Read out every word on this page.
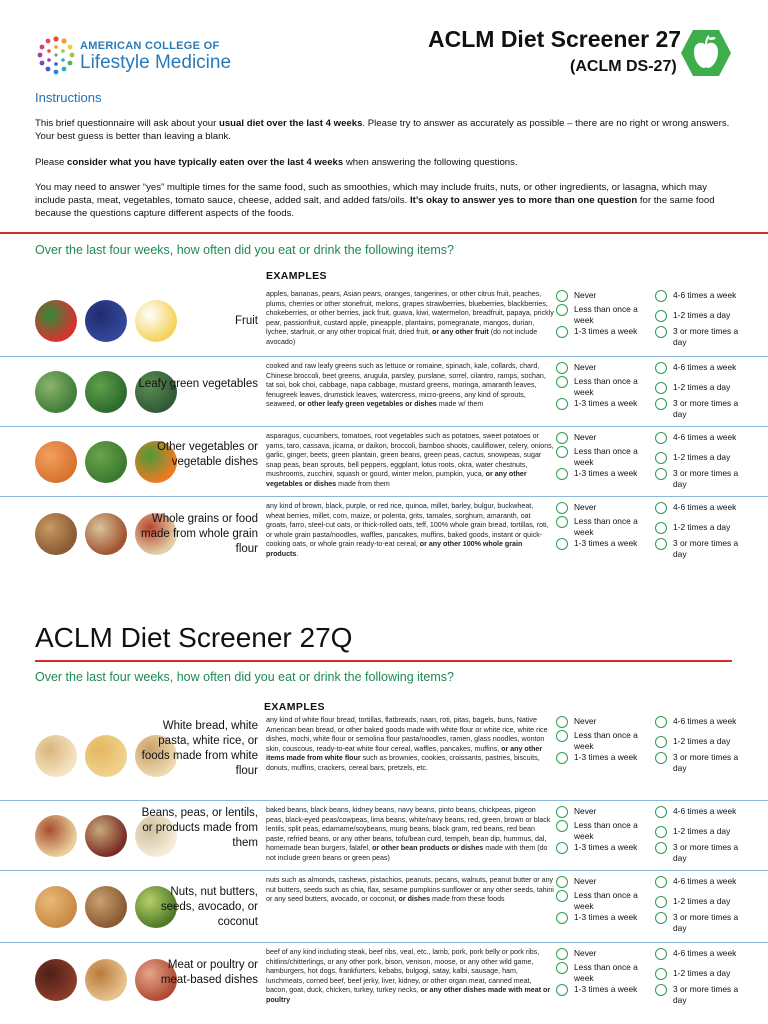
AMERICAN COLLEGE OF
Lifestyle Medicine
ACLM Diet Screener 27
(ACLM DS-27)
Instructions
This brief questionnaire will ask about your usual diet over the last 4 weeks. Please try to answer as accurately as possible – there are no right or wrong answers. Your best guess is better than leaving a blank.
Please consider what you have typically eaten over the last 4 weeks when answering the following questions.
You may need to answer “yes” multiple times for the same food, such as smoothies, which may include fruits, nuts, or other ingredients, or lasagna, which may include pasta, meat, vegetables, tomato sauce, cheese, added salt, and added fats/oils. It’s okay to answer yes to more than one question for the same food because the questions capture different aspects of the foods.
Over the last four weeks, how often did you eat or drink the following items?
EXAMPLES
Fruit
apples, bananas, pears, Asian pears, oranges, tangerines, or other citrus fruit, peaches, plums, cherries or other stonefruit, melons, grapes strawberries, blueberries, blackberries, chokeberries, or other berries, jack fruit, guava, kiwi, watermelon, breadfruit, papaya, prickly pear, passionfruit, custard apple, pineapple, plantains, pomegranate, mangos, durian, lychee, starfruit, or any other tropical fruit, dried fruit, or any other fruit (do not include avocado)
Never
Less than once a week
1-3 times a week
4-6 times a week
1-2 times a day
3 or more times a day
Leafy green vegetables
cooked and raw leafy greens such as lettuce or romaine, spinach, kale, collards, chard, Chinese broccoli, beet greens, arugula, parsley, purslane, sorrel, cilantro, ramps, sochan, tat soi, bok choi, cabbage, napa cabbage, mustard greens, moringa, amaranth leaves, fenugreek leaves, drumstick leaves, watercress, micro-greens, any kind of sprouts, seaweed, or other leafy green vegetables or dishes made w/ them
Never
Less than once a week
1-3 times a week
4-6 times a week
1-2 times a day
3 or more times a day
Other vegetables or vegetable dishes
asparagus, cucumbers, tomatoes, root vegetables such as potatoes, sweet potatoes or yams, taro, cassava, jicama, or daikon, broccoli, bamboo shoots, cauliflower, celery, onions, garlic, ginger, beets, green plantain, green beans, green peas, cactus, snowpeas, sugar snap peas, bean sprouts, bell peppers, eggplant, lotus roots, okra, water chestnuts, mushrooms, zucchini, squash or gourd, winter melon, pumpkin, yuca, or any other vegetables or dishes made from them
Never
Less than once a week
1-3 times a week
4-6 times a week
1-2 times a day
3 or more times a day
Whole grains or food made from whole grain flour
any kind of brown, black, purple, or red rice, quinoa, millet, barley, bulgur, buckwheat, wheat berries, millet, corn, maize, or polenta, grits, tamales, sorghum, amaranth, oat groats, farro, steel-cut oats, or thick-rolled oats, teff, 100% whole grain bread, tortillas, roti, or whole grain pasta/noodles, waffles, pancakes, muffins, baked goods, instant or quick-cooking oats, or whole grain ready-to-eat cereal, or any other 100% whole grain products.
Never
Less than once a week
1-3 times a week
4-6 times a week
1-2 times a day
3 or more times a day
ACLM Diet Screener 27Q
Over the last four weeks, how often did you eat or drink the following items?
EXAMPLES
White bread, white pasta, white rice, or foods made from white flour
any kind of white flour bread, tortillas, flatbreads, naan, roti, pitas, bagels, buns, Native American bean bread, or other baked goods made with white flour or white rice, white rice dishes, mochi, white flour or semolina flour pasta/noodles, ramen, glass noodles, wonton skin, couscous, ready-to-eat white flour cereal, waffles, pancakes, muffins, or any other items made from white flour such as brownies, cookies, croissants, pastries, biscuits, donuts, muffins, crackers, cereal bars, pretzels, etc.
Never
Less than once a week
1-3 times a week
4-6 times a week
1-2 times a day
3 or more times a day
Beans, peas, or lentils, or products made from them
baked beans, black beans, kidney beans, navy beans, pinto beans, chickpeas, pigeon peas, black-eyed peas/cowpeas, lima beans, white/navy beans, red, green, brown or black lentils, split peas, edamame/soybeans, mung beans, black gram, red beans, red bean paste, refried beans, or any other beans, tofu/bean curd, tempeh, bean dip, hummus, dal, homemade bean burgers, falafel, or other bean products or dishes made with them (do not include green beans or green peas)
Never
Less than once a week
1-3 times a week
4-6 times a week
1-2 times a day
3 or more times a day
Nuts, nut butters, seeds, avocado, or coconut
nuts such as almonds, cashews, pistachios, peanuts, pecans, walnuts, peanut butter or any nut butters, seeds such as chia, flax, sesame pumpkins sunflower or any other seeds, tahini or any seed butters, avocado, or coconut, or dishes made from these foods
Never
Less than once a week
1-3 times a week
4-6 times a week
1-2 times a day
3 or more times a day
Meat or poultry or meat-based dishes
beef of any kind including steak, beef ribs, veal, etc., lamb, pork, pork belly or pork ribs, chitlins/chitterlings, or any other pork, bison, venison, moose, or any other wild game, hamburgers, hot dogs, frankfurters, kebabs, bulgogi, satay, kalbi, sausage, ham, lunchmeats, corned beef, beef jerky, liver, kidney, or other organ meat, canned meat, bacon, goat, duck, chicken, turkey, turkey necks, or any other dishes made with meat or poultry
Never
Less than once a week
1-3 times a week
4-6 times a week
1-2 times a day
3 or more times a day
